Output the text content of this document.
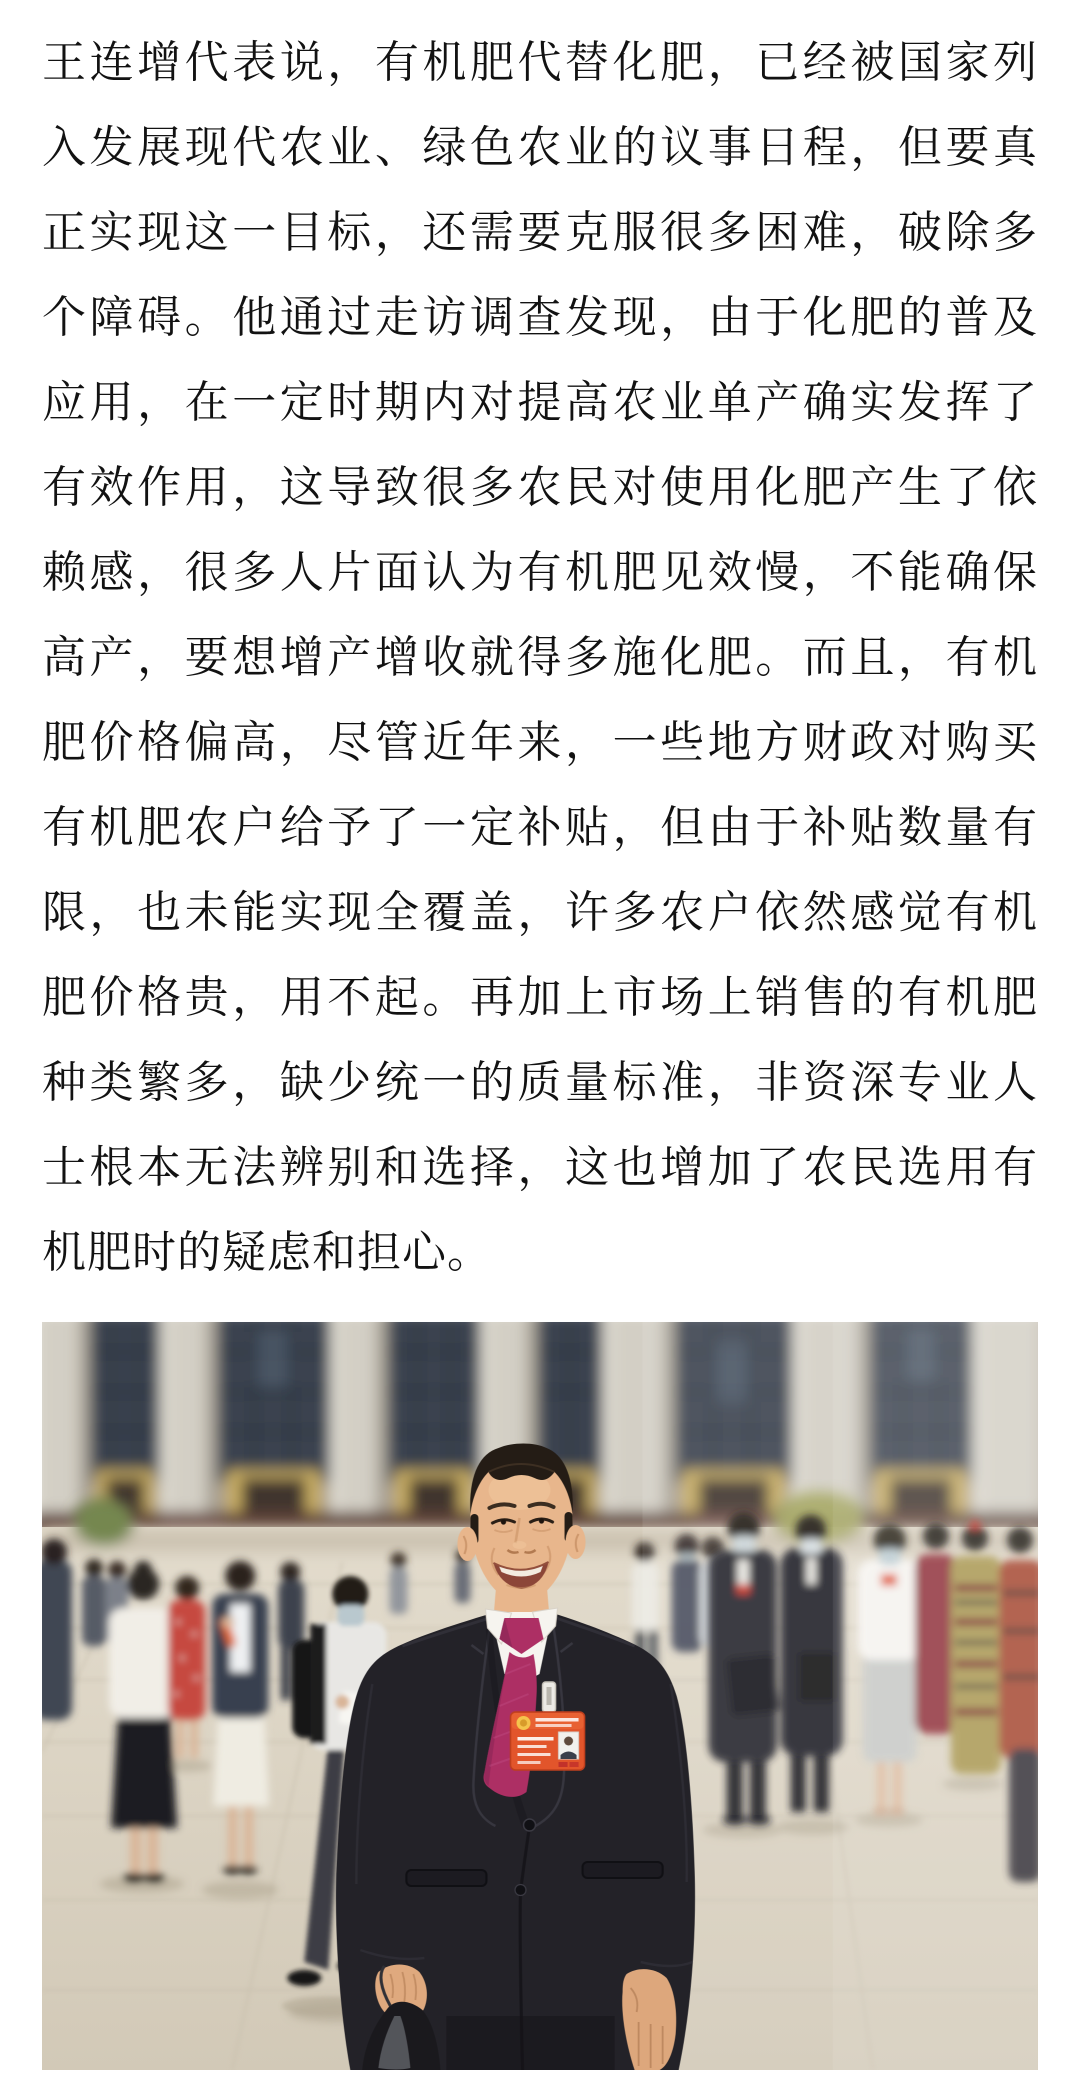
王连增代表说，有机肥代替化肥，已经被国家列
入发展现代农业、绿色农业的议事日程，但要真
正实现这一目标，还需要克服很多困难，破除多
个障碍。他通过走访调查发现，由于化肥的普及
应用，在一定时期内对提高农业单产确实发挥了
有效作用，这导致很多农民对使用化肥产生了依
赖感，很多人片面认为有机肥见效慢，不能确保
高产，要想增产增收就得多施化肥。而且，有机
肥价格偏高，尽管近年来，一些地方财政对购买
有机肥农户给予了一定补贴，但由于补贴数量有
限，也未能实现全覆盖，许多农户依然感觉有机
肥价格贵，用不起。再加上市场上销售的有机肥
种类繁多，缺少统一的质量标准，非资深专业人
士根本无法辨别和选择，这也增加了农民选用有
机肥时的疑虑和担心。
